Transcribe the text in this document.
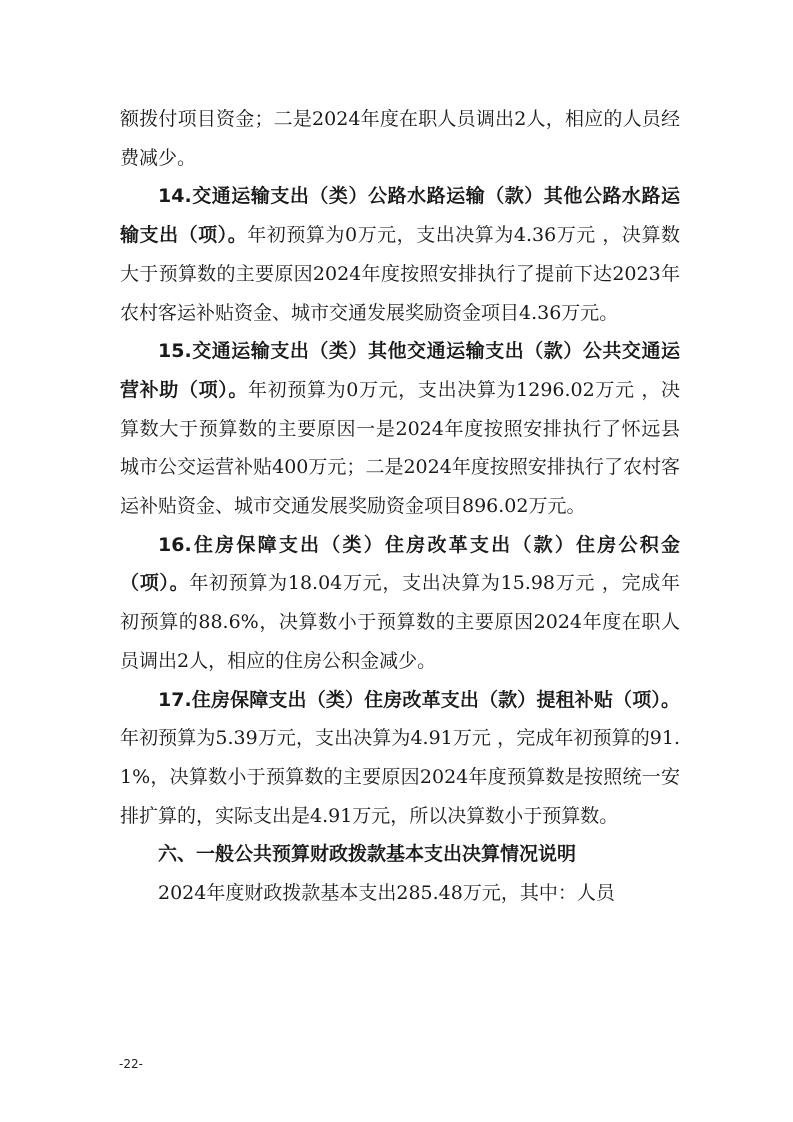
额拨付项目资金；二是2024年度在职人员调出2人，相应的人员经费减少。

14.交通运输支出（类）公路水路运输（款）其他公路水路运输支出（项）。年初预算为0万元，支出决算为4.36万元 ，决算数大于预算数的主要原因2024年度按照安排执行了提前下达2023年农村客运补贴资金、城市交通发展奖励资金项目4.36万元。

15.交通运输支出（类）其他交通运输支出（款）公共交通运营补助（项）。年初预算为0万元，支出决算为1296.02万元 ，决算数大于预算数的主要原因一是2024年度按照安排执行了怀远县城市公交运营补贴400万元；二是2024年度按照安排执行了农村客运补贴资金、城市交通发展奖励资金项目896.02万元。

16.住房保障支出（类）住房改革支出（款）住房公积金（项）。年初预算为18.04万元，支出决算为15.98万元 ，完成年初预算的88.6%，决算数小于预算数的主要原因2024年度在职人员调出2人，相应的住房公积金减少。

17.住房保障支出（类）住房改革支出（款）提租补贴（项）。年初预算为5.39万元，支出决算为4.91万元 ，完成年初预算的91.1%，决算数小于预算数的主要原因2024年度预算数是按照统一安排扩算的，实际支出是4.91万元，所以决算数小于预算数。

六、一般公共预算财政拨款基本支出决算情况说明

2024年度财政拨款基本支出285.48万元，其中：人员

-22-
